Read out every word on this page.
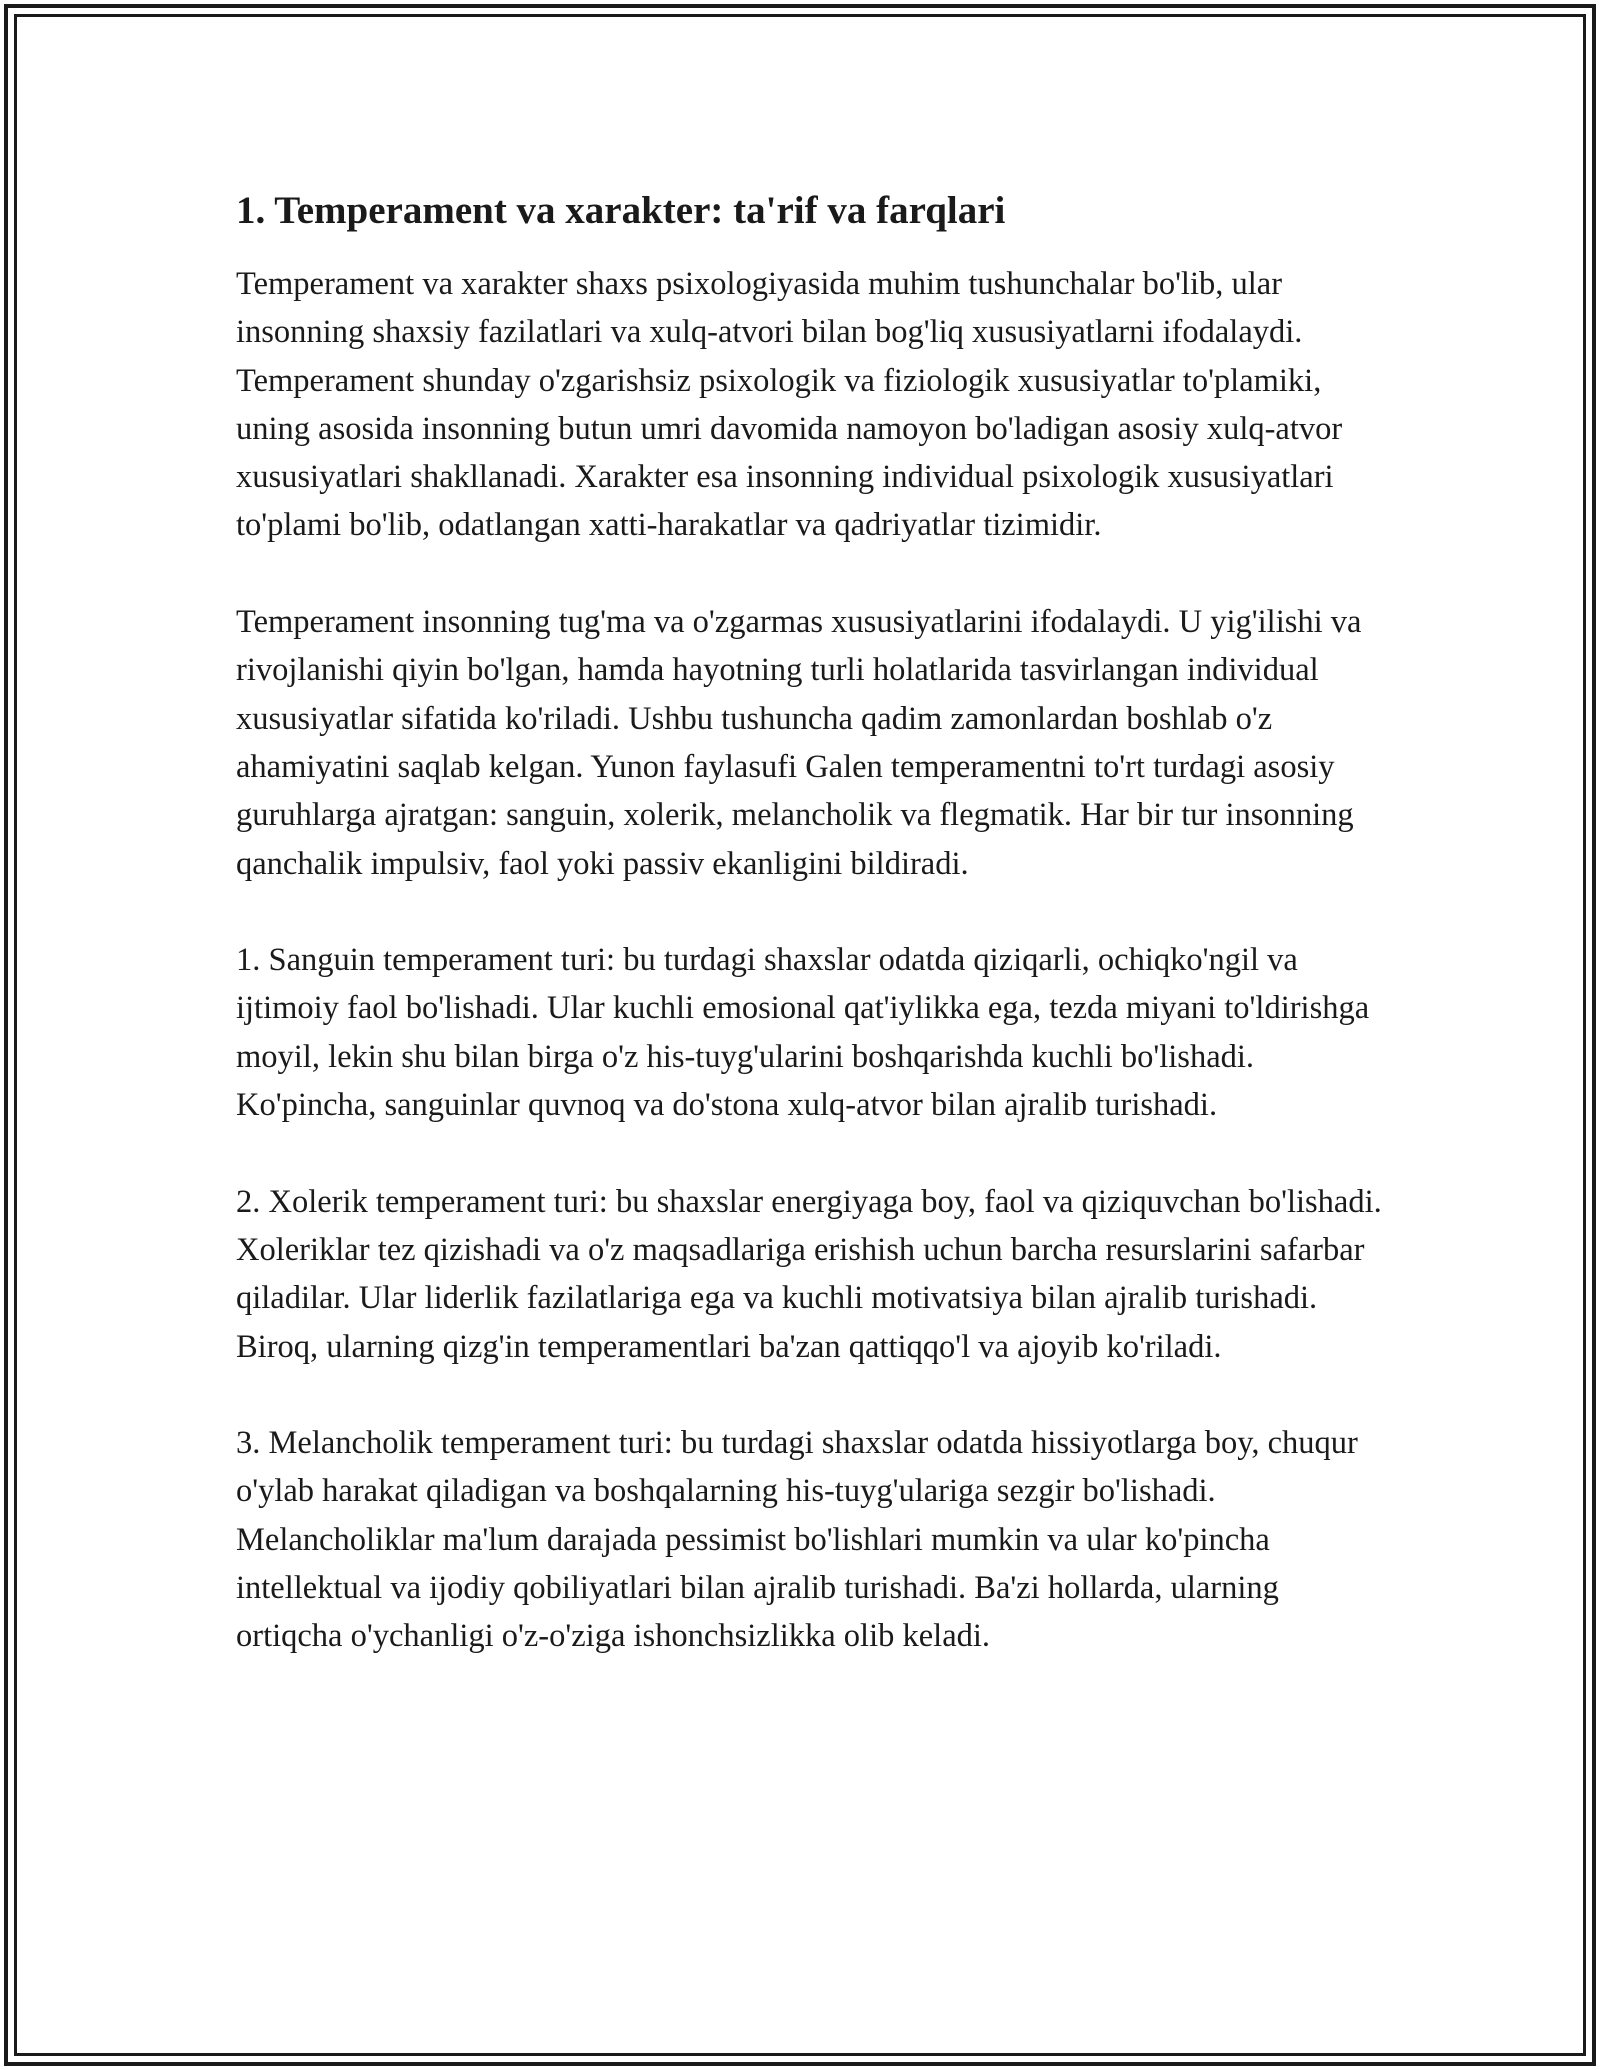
1. Temperament va xarakter: ta'rif va farqlari

Temperament va xarakter shaxs psixologiyasida muhim tushunchalar bo'lib, ular insonning shaxsiy fazilatlari va xulq-atvori bilan bog'liq xususiyatlarni ifodalaydi. Temperament shunday o'zgarishsiz psixologik va fiziologik xususiyatlar to'plamiki, uning asosida insonning butun umri davomida namoyon bo'ladigan asosiy xulq-atvor xususiyatlari shakllanadi. Xarakter esa insonning individual psixologik xususiyatlari to'plami bo'lib, odatlangan xatti-harakatlar va qadriyatlar tizimidir.

Temperament insonning tug'ma va o'zgarmas xususiyatlarini ifodalaydi. U yig'ilishi va rivojlanishi qiyin bo'lgan, hamda hayotning turli holatlarida tasvirlangan individual xususiyatlar sifatida ko'riladi. Ushbu tushuncha qadim zamonlardan boshlab o'z ahamiyatini saqlab kelgan. Yunon faylasufi Galen temperamentni to'rt turdagi asosiy guruhlarga ajratgan: sanguin, xolerik, melancholik va flegmatik. Har bir tur insonning qanchalik impulsiv, faol yoki passiv ekanligini bildiradi.

1. Sanguin temperament turi: bu turdagi shaxslar odatda qiziqarli, ochiqko'ngil va ijtimoiy faol bo'lishadi. Ular kuchli emosional qat'iylikka ega, tezda miyani to'ldirishga moyil, lekin shu bilan birga o'z his-tuyg'ularini boshqarishda kuchli bo'lishadi. Ko'pincha, sanguinlar quvnoq va do'stona xulq-atvor bilan ajralib turishadi.

2. Xolerik temperament turi: bu shaxslar energiyaga boy, faol va qiziquvchan bo'lishadi. Xoleriklar tez qizishadi va o'z maqsadlariga erishish uchun barcha resurslarini safarbar qiladilar. Ular liderlik fazilatlariga ega va kuchli motivatsiya bilan ajralib turishadi. Biroq, ularning qizg'in temperamentlari ba'zan qattiqqo'l va ajoyib ko'riladi.

3. Melancholik temperament turi: bu turdagi shaxslar odatda hissiyotlarga boy, chuqur o'ylab harakat qiladigan va boshqalarning his-tuyg'ulariga sezgir bo'lishadi. Melancholiklar ma'lum darajada pessimist bo'lishlari mumkin va ular ko'pincha intellektual va ijodiy qobiliyatlari bilan ajralib turishadi. Ba'zi hollarda, ularning ortiqcha o'ychanligi o'z-o'ziga ishonchsizlikka olib keladi.
